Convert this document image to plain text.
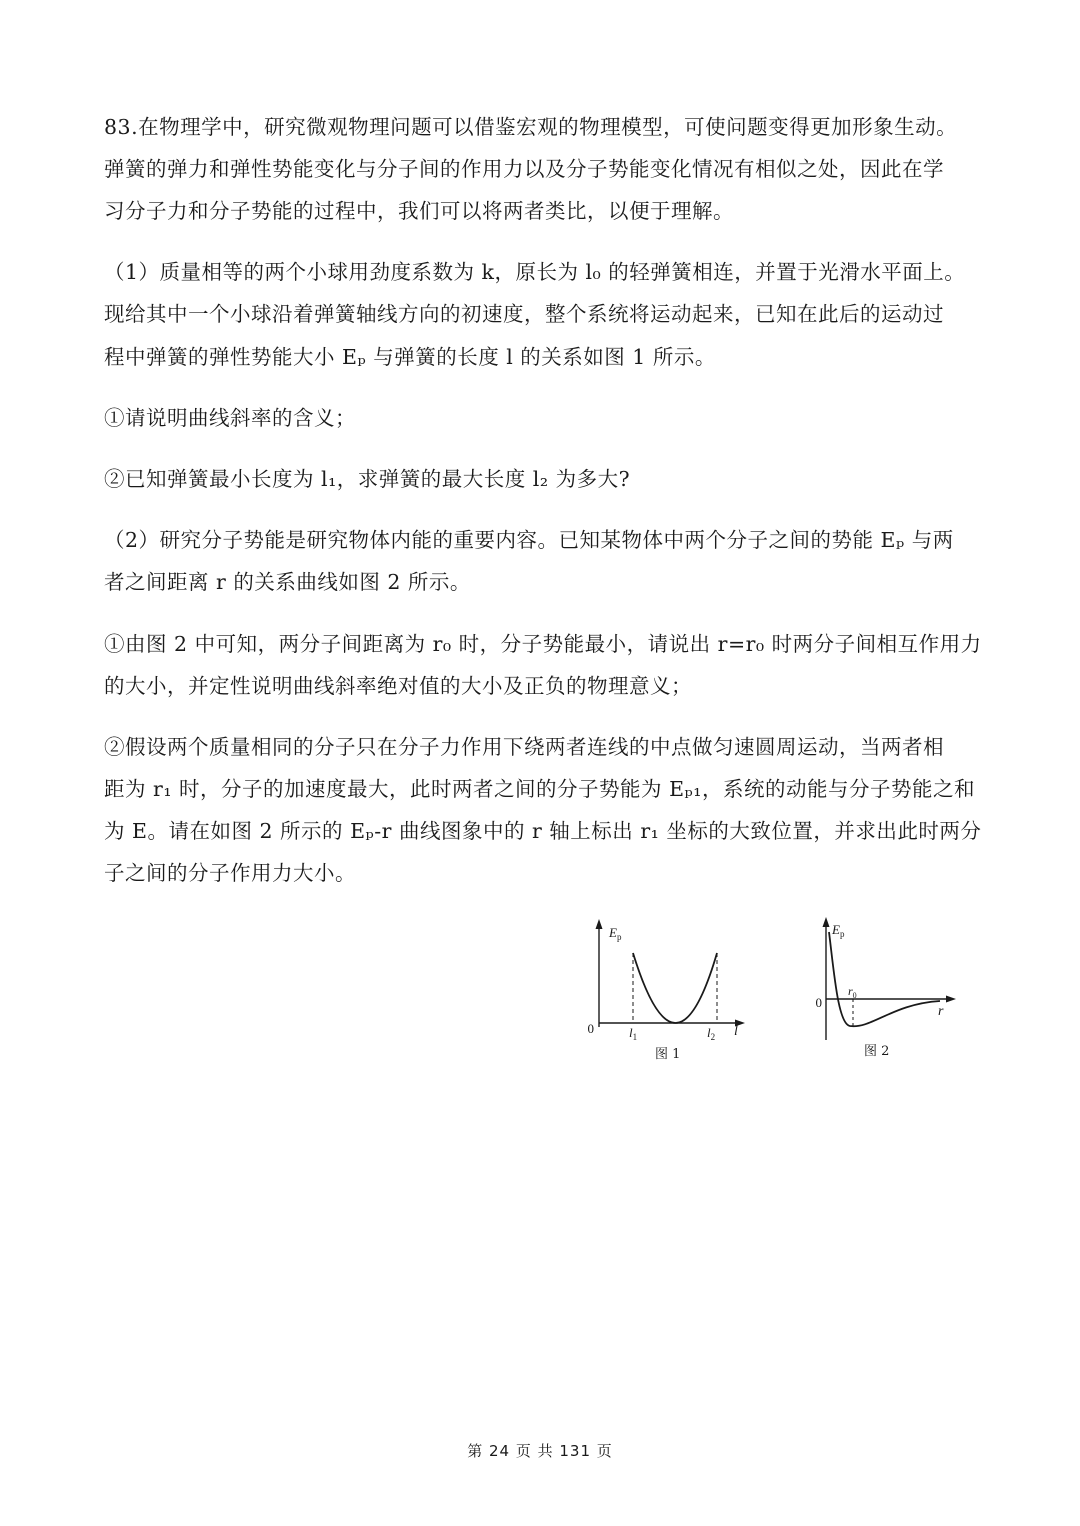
83.在物理学中，研究微观物理问题可以借鉴宏观的物理模型，可使问题变得更加形象生动。
弹簧的弹力和弹性势能变化与分子间的作用力以及分子势能变化情况有相似之处，因此在学
习分子力和分子势能的过程中，我们可以将两者类比，以便于理解。
（1）质量相等的两个小球用劲度系数为 k，原长为 l₀ 的轻弹簧相连，并置于光滑水平面上。
现给其中一个小球沿着弹簧轴线方向的初速度，整个系统将运动起来，已知在此后的运动过
程中弹簧的弹性势能大小 Eₚ 与弹簧的长度 l 的关系如图 1 所示。
①请说明曲线斜率的含义；
②已知弹簧最小长度为 l₁，求弹簧的最大长度 l₂ 为多大?
（2）研究分子势能是研究物体内能的重要内容。已知某物体中两个分子之间的势能 Eₚ 与两
者之间距离 r 的关系曲线如图 2 所示。
①由图 2 中可知，两分子间距离为 r₀ 时，分子势能最小，请说出 r=r₀ 时两分子间相互作用力
的大小，并定性说明曲线斜率绝对值的大小及正负的物理意义；
②假设两个质量相同的分子只在分子力作用下绕两者连线的中点做匀速圆周运动，当两者相
距为 r₁ 时，分子的加速度最大，此时两者之间的分子势能为 Eₚ₁，系统的动能与分子势能之和
为 E。请在如图 2 所示的 Eₚ-r 曲线图象中的 r 轴上标出 r₁ 坐标的大致位置，并求出此时两分
子之间的分子作用力大小。
$E_p$
0	$l_1$	$l_2$ l
图 1
$E_p$
0
$r_0$
r
图 2
第 24 页 共 131 页
